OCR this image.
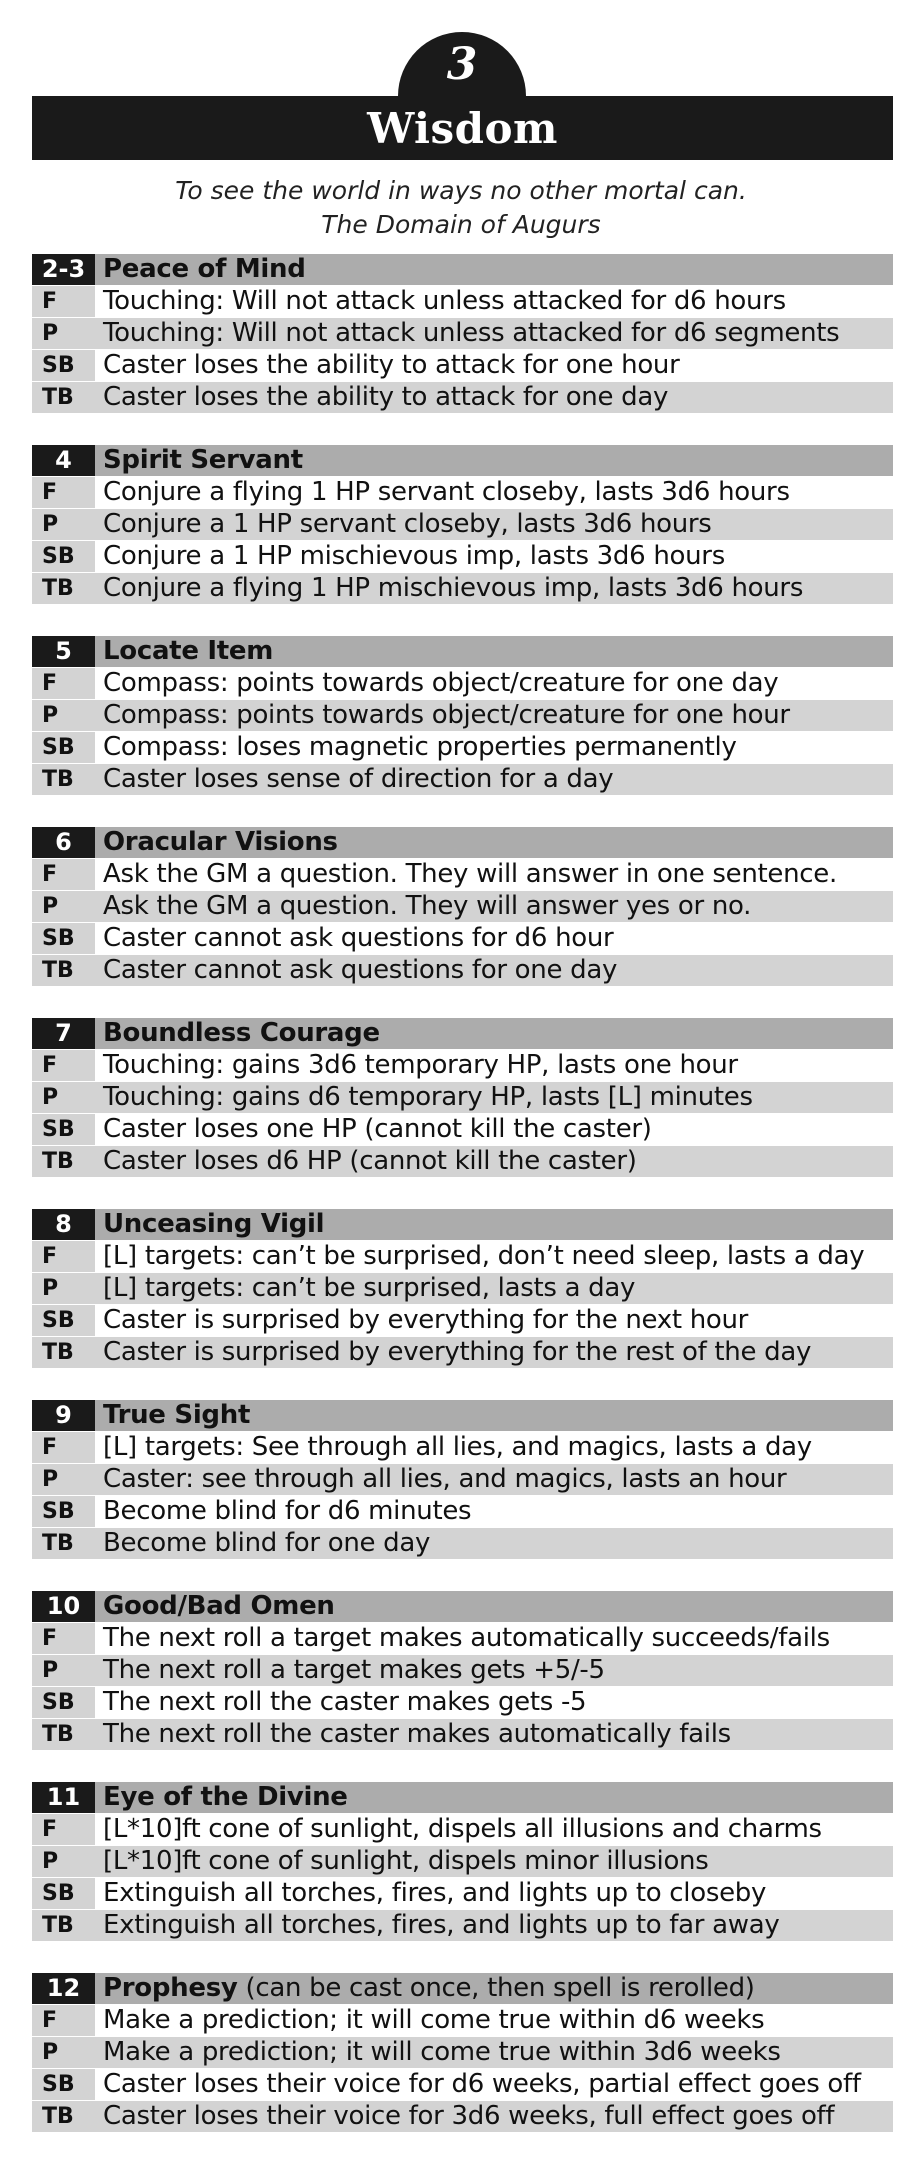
3
Wisdom
To see the world in ways no other mortal can.
The Domain of Augurs
2-3 Peace of Mind
F	Touching: Will not attack unless attacked for d6 hours
P	Touching: Will not attack unless attacked for d6 segments
SB	Caster loses the ability to attack for one hour
TB	Caster loses the ability to attack for one day
4	Spirit Servant
F	Conjure a flying 1 HP servant closeby, lasts 3d6 hours
P	Conjure a 1 HP servant closeby, lasts 3d6 hours
SB	Conjure a 1 HP mischievous imp, lasts 3d6 hours
TB	Conjure a flying 1 HP mischievous imp, lasts 3d6 hours
5	Locate Item
F	Compass: points towards object/creature for one day
P	Compass: points towards object/creature for one hour
SB	Compass: loses magnetic properties permanently
TB	Caster loses sense of direction for a day
6	Oracular Visions
F	Ask the GM a question. They will answer in one sentence.
P	Ask the GM a question. They will answer yes or no.
SB	Caster cannot ask questions for d6 hour
TB	Caster cannot ask questions for one day
7	Boundless Courage
F	Touching: gains 3d6 temporary HP, lasts one hour
P	Touching: gains d6 temporary HP, lasts [L] minutes
SB	Caster loses one HP (cannot kill the caster)
TB	Caster loses d6 HP (cannot kill the caster)
8	Unceasing Vigil
F	[L] targets: can’t be surprised, don’t need sleep, lasts a day
P	[L] targets: can’t be surprised, lasts a day
SB	Caster is surprised by everything for the next hour
TB	Caster is surprised by everything for the rest of the day
9	True Sight
F	[L] targets: See through all lies, and magics, lasts a day
P	Caster: see through all lies, and magics, lasts an hour
SB	Become blind for d6 minutes
TB	Become blind for one day
10 Good/Bad Omen
F	The next roll a target makes automatically succeeds/fails
P	The next roll a target makes gets +5/-5
SB	The next roll the caster makes gets -5
TB	The next roll the caster makes automatically fails
11 Eye of the Divine
F	[L*10]ft cone of sunlight, dispels all illusions and charms
P	[L*10]ft cone of sunlight, dispels minor illusions
SB	Extinguish all torches, fires, and lights up to closeby
TB	Extinguish all torches, fires, and lights up to far away
12 Prophesy (can be cast once, then spell is rerolled)
F	Make a prediction; it will come true within d6 weeks
P	Make a prediction; it will come true within 3d6 weeks
SB	Caster loses their voice for d6 weeks, partial effect goes off
TB	Caster loses their voice for 3d6 weeks, full effect goes off
